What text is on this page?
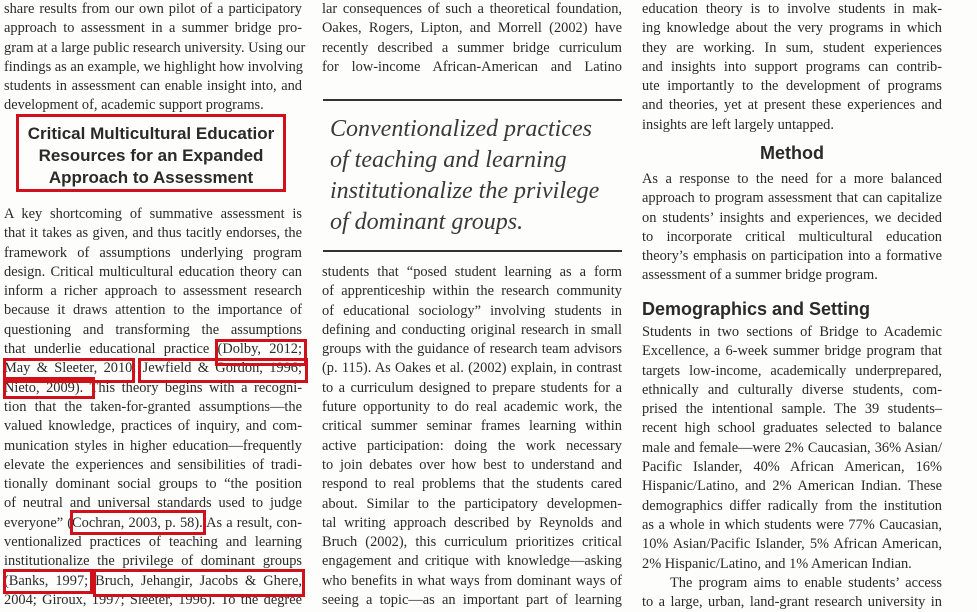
share results from our own pilot of a participatory
approach to assessment in a summer bridge pro-
gram at a large public research university. Using our
findings as an example, we highlight how involving
students in assessment can enable insight into, and
development of, academic support programs.
A key shortcoming of summative assessment is
that it takes as given, and thus tacitly endorses, the
framework of assumptions underlying program
design. Critical multicultural education theory can
inform a richer approach to assessment research
because it draws attention to the importance of
questioning and transforming the assumptions
that underlie educational practice (Dolby, 2012;
May & Sleeter, 2010; Jewfield & Gordon, 1996;
Nieto, 2009). This theory begins with a recogni-
tion that the taken-for-granted assumptions—the
valued knowledge, practices of inquiry, and com-
munication styles in higher education—frequently
elevate the experiences and sensibilities of tradi-
tionally dominant social groups to “the position
of neutral and universal standards used to judge
everyone” (Cochran, 2003, p. 58). As a result, con-
ventionalized practices of teaching and learning
institutionalize the privilege of dominant groups
(Banks, 1997; Bruch, Jehangir, Jacobs & Ghere,
2004; Giroux, 1997; Sleeter, 1996). To the degree
Critical Multicultural Educatior
Resources for an Expanded
Approach to Assessment
lar consequences of such a theoretical foundation,
Oakes, Rogers, Lipton, and Morrell (2002) have
recently described a summer bridge curriculum
for low-income African-American and Latino
students that “posed student learning as a form
of apprenticeship within the research community
of educational sociology” involving students in
defining and conducting original research in small
groups with the guidance of research team advisors
(p. 115). As Oakes et al. (2002) explain, in contrast
to a curriculum designed to prepare students for a
future opportunity to do real academic work, the
critical summer seminar frames learning within
active participation: doing the work necessary
to join debates over how best to understand and
respond to real problems that the students cared
about. Similar to the participatory developmen-
tal writing approach described by Reynolds and
Bruch (2002), this curriculum prioritizes critical
engagement and critique with knowledge—asking
who benefits in what ways from dominant ways of
seeing a topic—as an important part of learning
Conventionalized practices
of teaching and learning
institutionalize the privilege
of dominant groups.
education theory is to involve students in mak-
ing knowledge about the very programs in which
they are working. In sum, student experiences
and insights into support programs can contrib-
ute importantly to the development of programs
and theories, yet at present these experiences and
insights are left largely untapped.
As a response to the need for a more balanced
approach to program assessment that can capitalize
on students’ insights and experiences, we decided
to incorporate critical multicultural education
theory’s emphasis on participation into a formative
assessment of a summer bridge program.
Students in two sections of Bridge to Academic
Excellence, a 6-week summer bridge program that
targets low-income, academically underprepared,
ethnically and culturally diverse students, com-
prised the intentional sample. The 39 students–
recent high school graduates selected to balance
male and female—were 2% Caucasian, 36% Asian/
Pacific Islander, 40% African American, 16%
Hispanic/Latino, and 2% American Indian. These
demographics differ radically from the institution
as a whole in which students were 77% Caucasian,
10% Asian/Pacific Islander, 5% African American,
2% Hispanic/Latino, and 1% American Indian.
The program aims to enable students’ access
to a large, urban, land-grant research university in
Method
Demographics and Setting
